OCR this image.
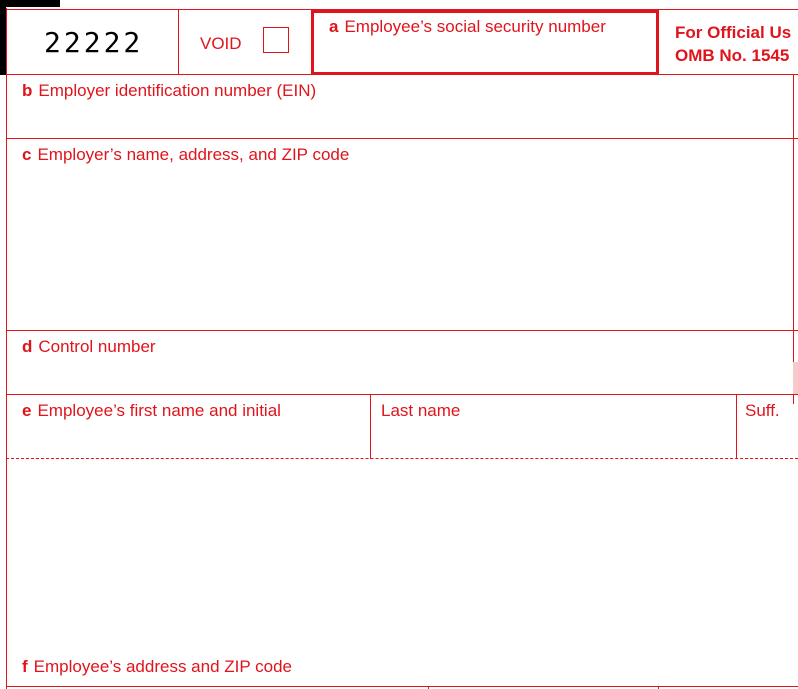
22222	VOID
a Employee’s social security number	For Official Us
OMB No. 1545
b Employer identification number (EIN)
c Employer’s name, address, and ZIP code
d Control number
e Employee’s first name and initial	Last name	Suff.
f Employee’s address and ZIP code
